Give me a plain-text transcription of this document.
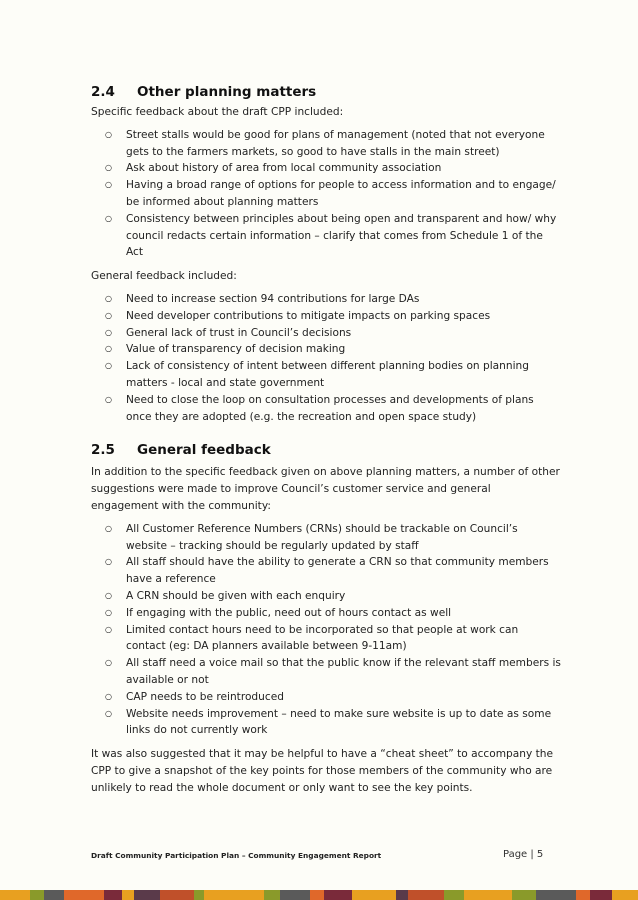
2.4 Other planning matters

Specific feedback about the draft CPP included:

○ Street stalls would be good for plans of management (noted that not everyone gets to the farmers markets, so good to have stalls in the main street)
○ Ask about history of area from local community association
○ Having a broad range of options for people to access information and to engage/ be informed about planning matters
○ Consistency between principles about being open and transparent and how/ why council redacts certain information – clarify that comes from Schedule 1 of the Act

General feedback included:

○ Need to increase section 94 contributions for large DAs
○ Need developer contributions to mitigate impacts on parking spaces
○ General lack of trust in Council’s decisions
○ Value of transparency of decision making
○ Lack of consistency of intent between different planning bodies on planning matters - local and state government
○ Need to close the loop on consultation processes and developments of plans once they are adopted (e.g. the recreation and open space study)
2.5 General feedback

In addition to the specific feedback given on above planning matters, a number of other suggestions were made to improve Council’s customer service and general engagement with the community:

○ All Customer Reference Numbers (CRNs) should be trackable on Council’s website – tracking should be regularly updated by staff
○ All staff should have the ability to generate a CRN so that community members have a reference
○ A CRN should be given with each enquiry
○ If engaging with the public, need out of hours contact as well
○ Limited contact hours need to be incorporated so that people at work can contact (eg: DA planners available between 9-11am)
○ All staff need a voice mail so that the public know if the relevant staff members is available or not
○ CAP needs to be reintroduced
○ Website needs improvement – need to make sure website is up to date as some links do not currently work

It was also suggested that it may be helpful to have a “cheat sheet” to accompany the CPP to give a snapshot of the key points for those members of the community who are unlikely to read the whole document or only want to see the key points.

Draft Community Participation Plan – Community Engagement Report	Page | 5
